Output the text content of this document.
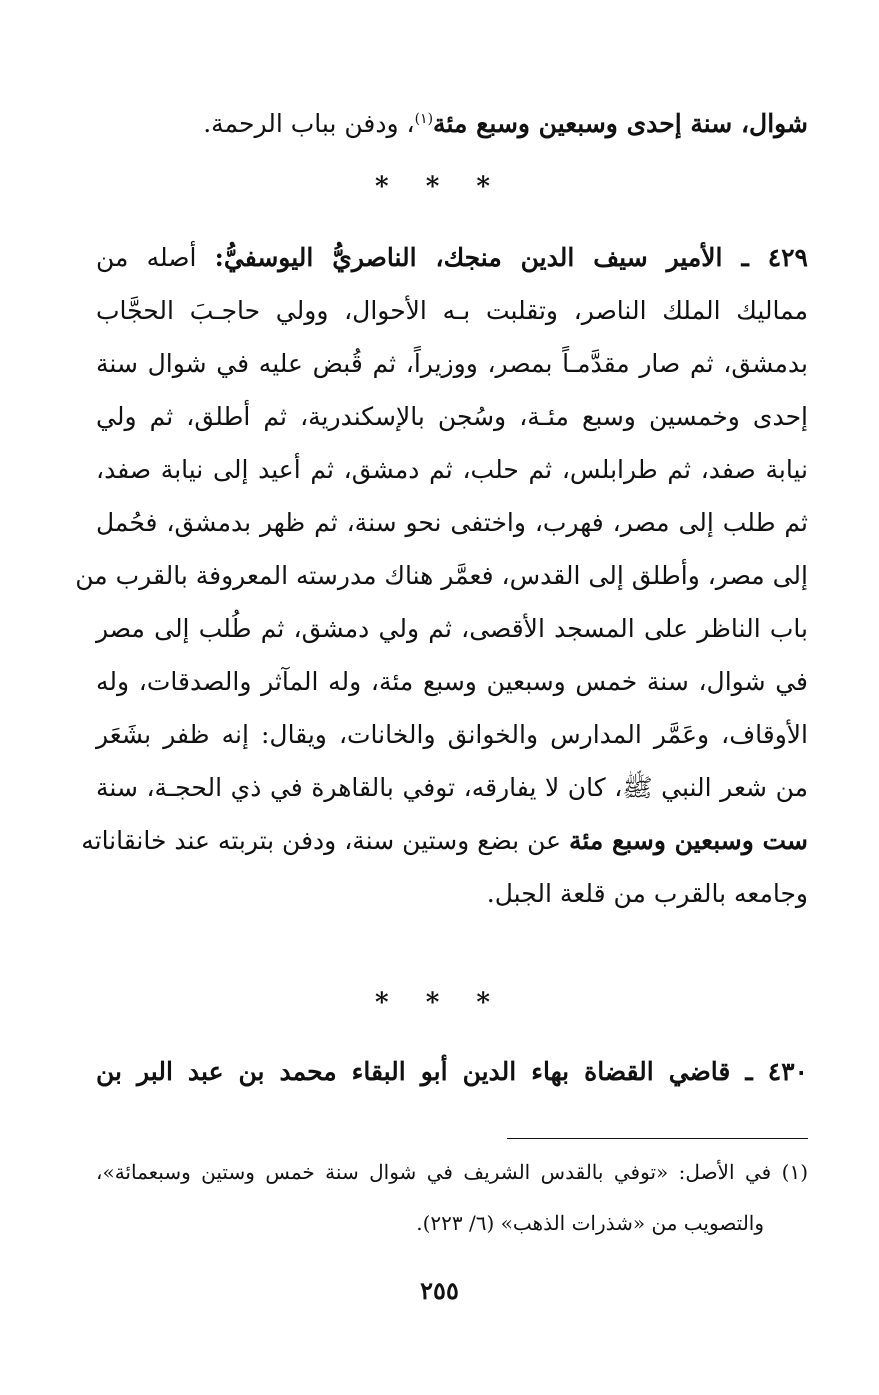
شوال، سنة إحدى وسبعين وسبع مئة$^{(١)}$، ودفن بباب الرحمة.
* * *
٤٢٩ ـ الأمير سيف الدين منجك، الناصريُّ اليوسفيُّ: أصله من
مماليك الملك الناصر، وتقلبت بـه الأحوال، وولي حاجـبَ الحجَّاب
بدمشق، ثم صار مقدَّمـاً بمصر، ووزيراً، ثم قُبض عليه في شوال سنة
إحدى وخمسين وسبع مئـة، وسُجن بالإسكندرية، ثم أطلق، ثم ولي
نيابة صفد، ثم طرابلس، ثم حلب، ثم دمشق، ثم أعيد إلى نيابة صفد،
ثم طلب إلى مصر، فهرب، واختفى نحو سنة، ثم ظهر بدمشق، فحُمل
إلى مصر، وأطلق إلى القدس، فعمَّر هناك مدرسته المعروفة بالقرب من
باب الناظر على المسجد الأقصى، ثم ولي دمشق، ثم طُلب إلى مصر
في شوال، سنة خمس وسبعين وسبع مئة، وله المآثر والصدقات، وله
الأوقاف، وعَمَّر المدارس والخوانق والخانات، ويقال: إنه ظفر بشَعَر
من شعر النبي ﷺ، كان لا يفارقه، توفي بالقاهرة في ذي الحجـة، سنة
ست وسبعين وسبع مئة عن بضع وستين سنة، ودفن بتربته عند خانقاناته
وجامعه بالقرب من قلعة الجبل.
* * *
٤٣٠ ـ قاضي القضاة بهاء الدين أبو البقاء محمد بن عبد البر بن
(١) في الأصل: «توفي بالقدس الشريف في شوال سنة خمس وستين وسبعمائة»،
والتصويب من «شذرات الذهب» (٦/ ٢٢٣).
٢٥٥
